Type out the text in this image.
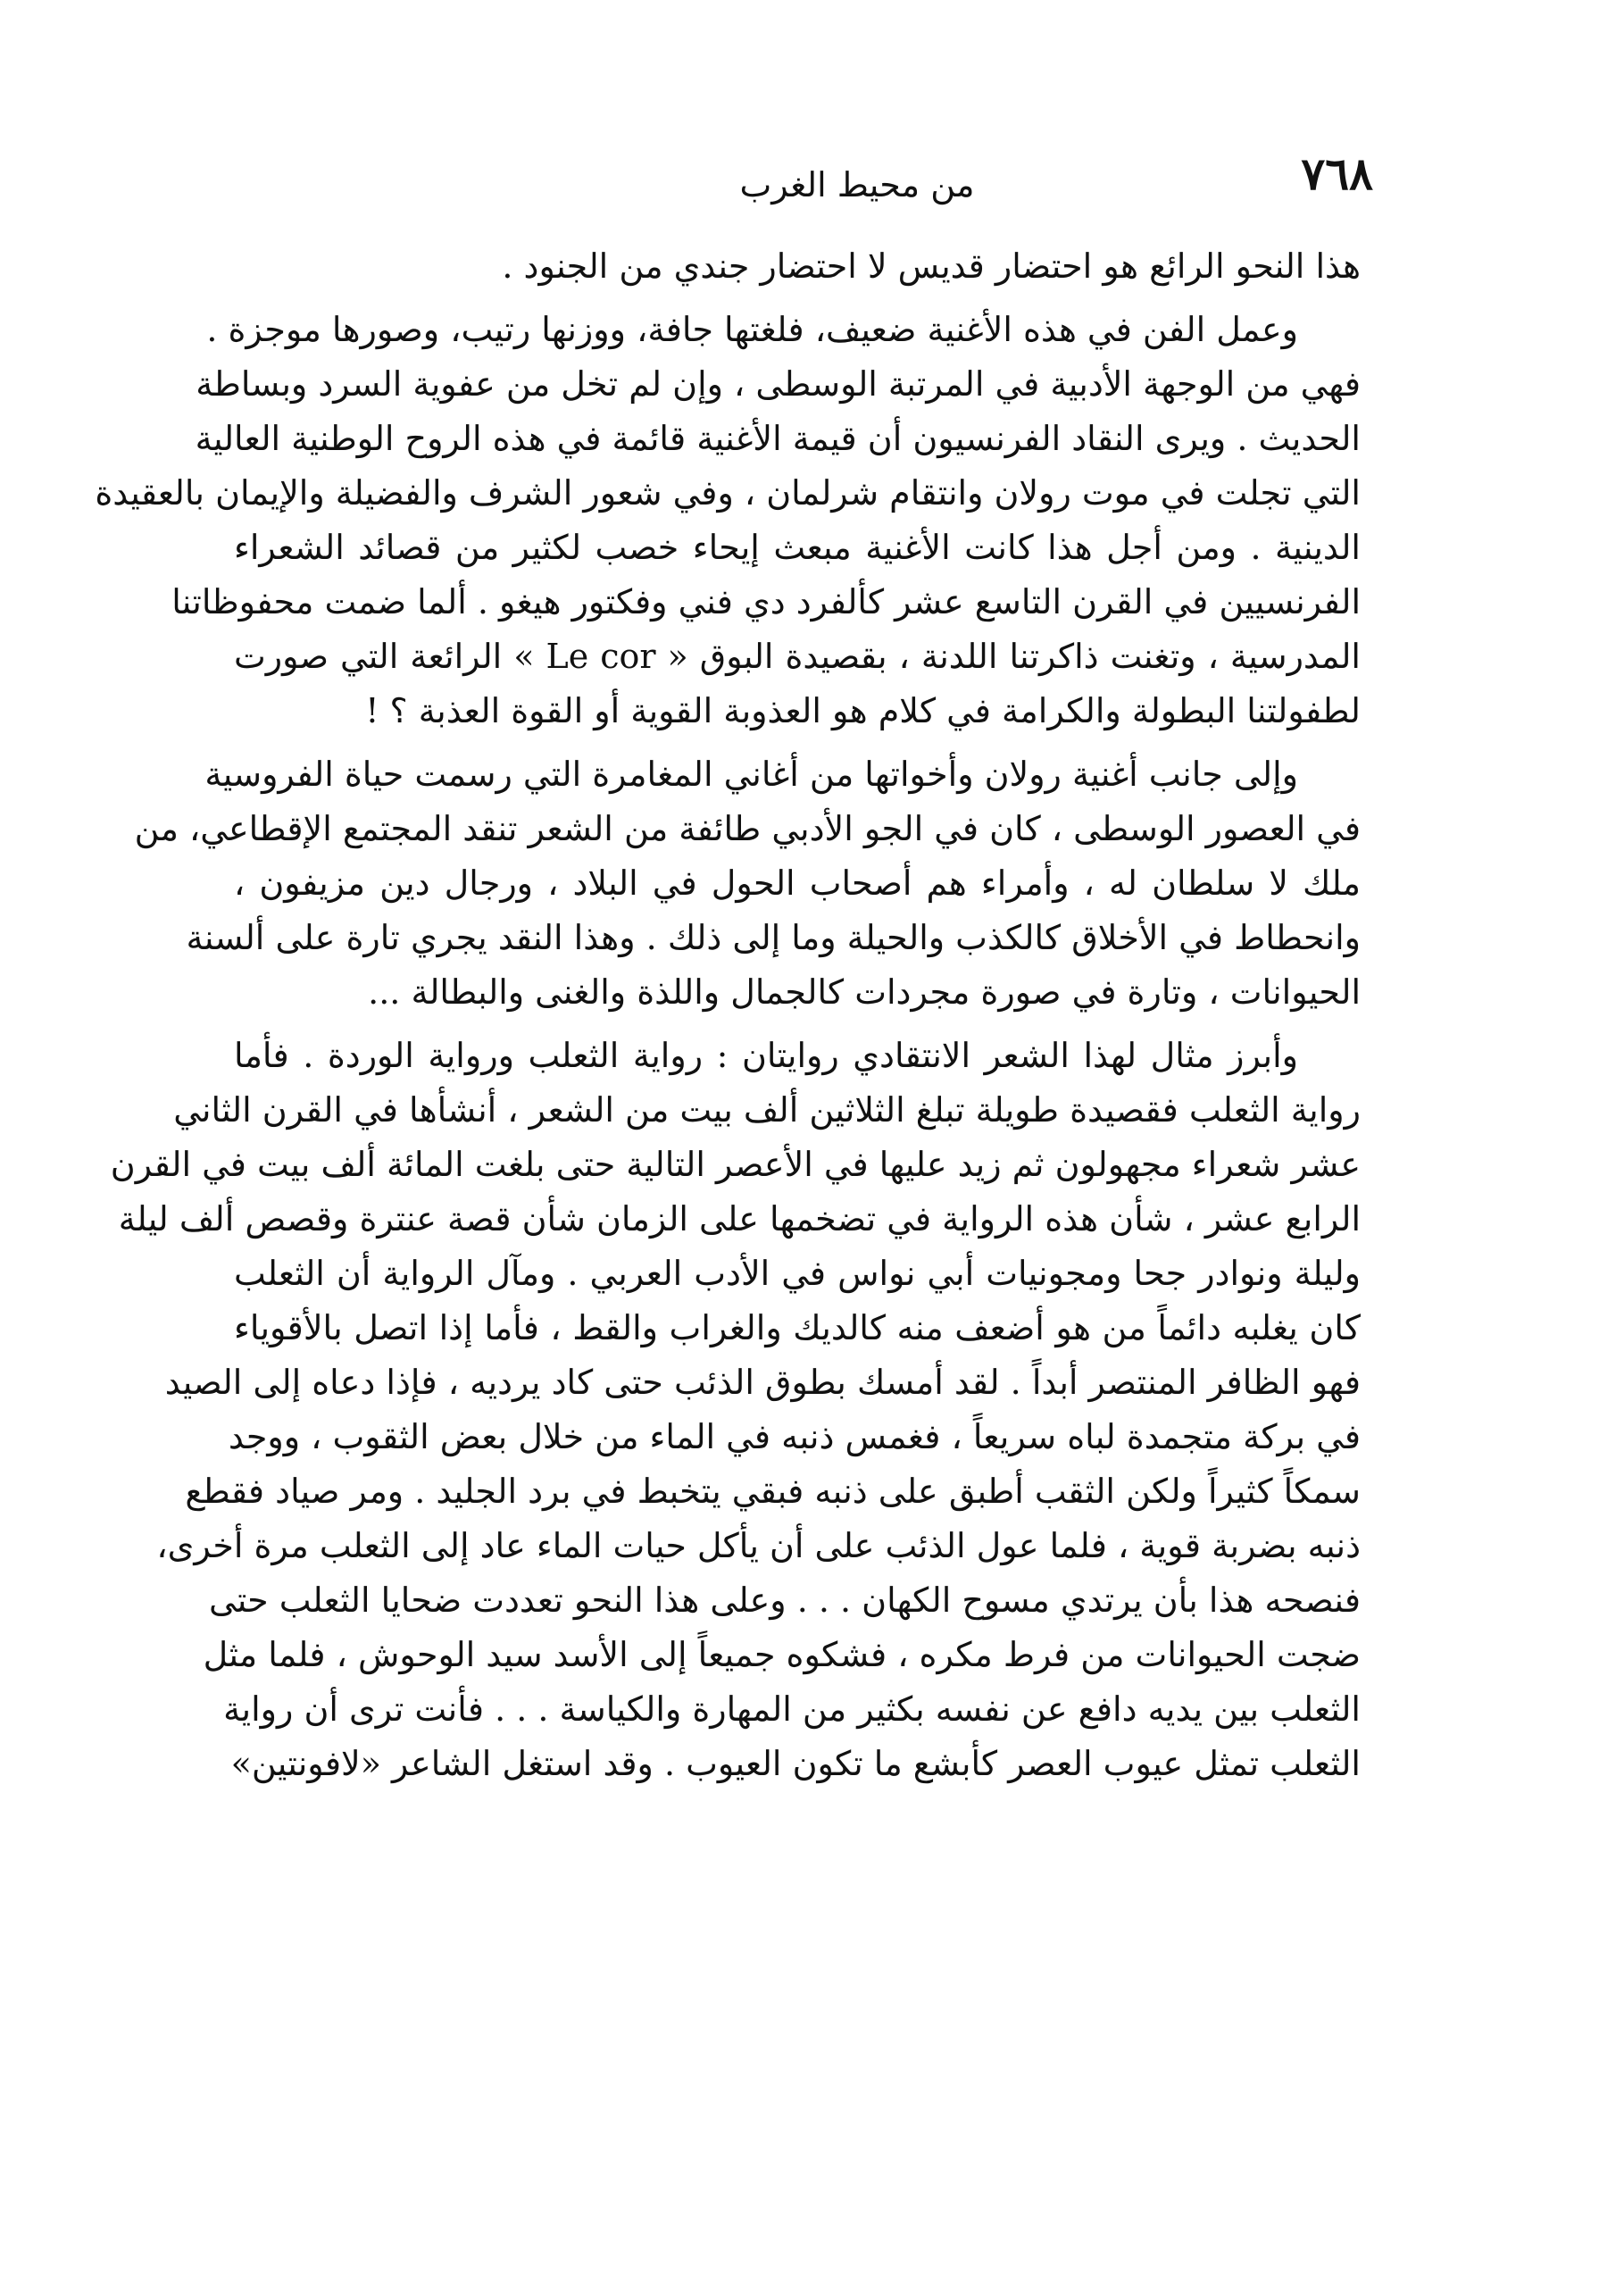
٧٦٨
من محيط الغرب
هذا النحو الرائع هو احتضار قديس لا احتضار جندي من الجنود .
وعمل الفن في هذه الأغنية ضعيف، فلغتها جافة، ووزنها رتيب، وصورها موجزة .
فهي من الوجهة الأدبية في المرتبة الوسطى ، وإن لم تخل من عفوية السرد وبساطة
الحديث . ويرى النقاد الفرنسيون أن قيمة الأغنية قائمة في هذه الروح الوطنية العالية
التي تجلت في موت رولان وانتقام شرلمان ، وفي شعور الشرف والفضيلة والإيمان بالعقيدة
الدينية . ومن أجل هذا كانت الأغنية مبعث إيحاء خصب لكثير من قصائد الشعراء
الفرنسيين في القرن التاسع عشر كألفرد دي فني وفكتور هيغو . ألما ضمت محفوظاتنا
المدرسية ، وتغنت ذاكرتنا اللدنة ، بقصيدة البوق « Le cor » الرائعة التي صورت
لطفولتنا البطولة والكرامة في كلام هو العذوبة القوية أو القوة العذبة ؟ !
وإلى جانب أغنية رولان وأخواتها من أغاني المغامرة التي رسمت حياة الفروسية
في العصور الوسطى ، كان في الجو الأدبي طائفة من الشعر تنقد المجتمع الإقطاعي، من
ملك لا سلطان له ، وأمراء هم أصحاب الحول في البلاد ، ورجال دين مزيفون ،
وانحطاط في الأخلاق كالكذب والحيلة وما إلى ذلك . وهذا النقد يجري تارة على ألسنة
الحيوانات ، وتارة في صورة مجردات كالجمال واللذة والغنى والبطالة ...
وأبرز مثال لهذا الشعر الانتقادي روايتان : رواية الثعلب ورواية الوردة . فأما
رواية الثعلب فقصيدة طويلة تبلغ الثلاثين ألف بيت من الشعر ، أنشأها في القرن الثاني
عشر شعراء مجهولون ثم زيد عليها في الأعصر التالية حتى بلغت المائة ألف بيت في القرن
الرابع عشر ، شأن هذه الرواية في تضخمها على الزمان شأن قصة عنترة وقصص ألف ليلة
وليلة ونوادر جحا ومجونيات أبي نواس في الأدب العربي . ومآل الرواية أن الثعلب
كان يغلبه دائماً من هو أضعف منه كالديك والغراب والقط ، فأما إذا اتصل بالأقوياء
فهو الظافر المنتصر أبداً . لقد أمسك بطوق الذئب حتى كاد يرديه ، فإذا دعاه إلى الصيد
في بركة متجمدة لباه سريعاً ، فغمس ذنبه في الماء من خلال بعض الثقوب ، ووجد
سمكاً كثيراً ولكن الثقب أطبق على ذنبه فبقي يتخبط في برد الجليد . ومر صياد فقطع
ذنبه بضربة قوية ، فلما عول الذئب على أن يأكل حيات الماء عاد إلى الثعلب مرة أخرى،
فنصحه هذا بأن يرتدي مسوح الكهان . . . وعلى هذا النحو تعددت ضحايا الثعلب حتى
ضجت الحيوانات من فرط مكره ، فشكوه جميعاً إلى الأسد سيد الوحوش ، فلما مثل
الثعلب بين يديه دافع عن نفسه بكثير من المهارة والكياسة . . . فأنت ترى أن رواية
الثعلب تمثل عيوب العصر كأبشع ما تكون العيوب . وقد استغل الشاعر «لافونتين»
